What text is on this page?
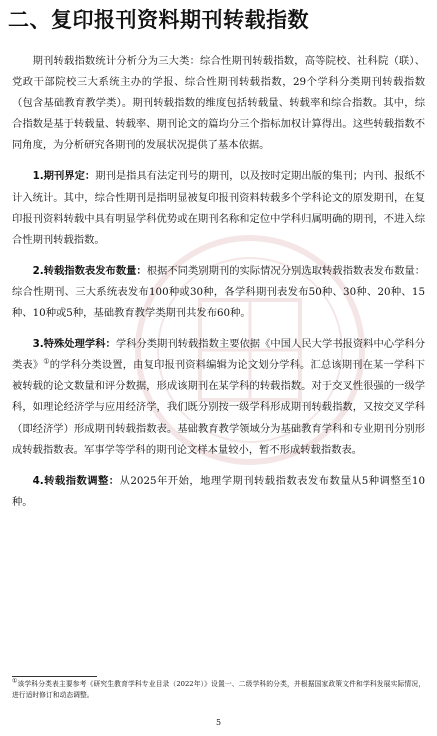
二、复印报刊资料期刊转载指数

期刊转载指数统计分析分为三大类：综合性期刊转载指数，高等院校、社科院（联）、党政干部院校三大系统主办的学报、综合性期刊转载指数，29个学科分类期刊转载指数（包含基础教育教学类）。期刊转载指数的维度包括转载量、转载率和综合指数。其中，综合指数是基于转载量、转载率、期刊论文的篇均分三个指标加权计算得出。这些转载指数不同角度，为分析研究各期刊的发展状况提供了基本依据。

1.期刊界定：期刊是指具有法定刊号的期刊，以及按时定期出版的集刊；内刊、报纸不计入统计。其中，综合性期刊是指明显被复印报刊资料转载多个学科论文的原发期刊，在复印报刊资料转载中具有明显学科优势或在期刊名称和定位中学科归属明确的期刊，不进入综合性期刊转载指数。

2.转载指数表发布数量：根据不同类别期刊的实际情况分别选取转载指数表发布数量：综合性期刊、三大系统表发布100种或30种，各学科期刊表发布50种、30种、20种、15种、10种或5种，基础教育教学类期刊共发布60种。

3.特殊处理学科：学科分类期刊转载指数主要依据《中国人民大学书报资料中心学科分类表》①的学科分类设置，由复印报刊资料编辑为论文划分学科。汇总该期刊在某一学科下被转载的论文数量和评分数据，形成该期刊在某学科的转载指数。对于交叉性很强的一级学科，如理论经济学与应用经济学，我们既分别按一级学科形成期刊转载指数，又按交叉学科（即经济学）形成期刊转载指数表。基础教育教学领域分为基础教育学科和专业期刊分别形成转载指数表。军事学等学科的期刊论文样本量较小，暂不形成转载指数表。

4.转载指数调整：从2025年开始，地理学期刊转载指数表发布数量从5种调整至10种。

①该学科分类表主要参考《研究生教育学科专业目录（2022年）》设置一、二级学科的分类，并根据国家政策文件和学科发展实际情况，进行适时修订和动态调整。
5
